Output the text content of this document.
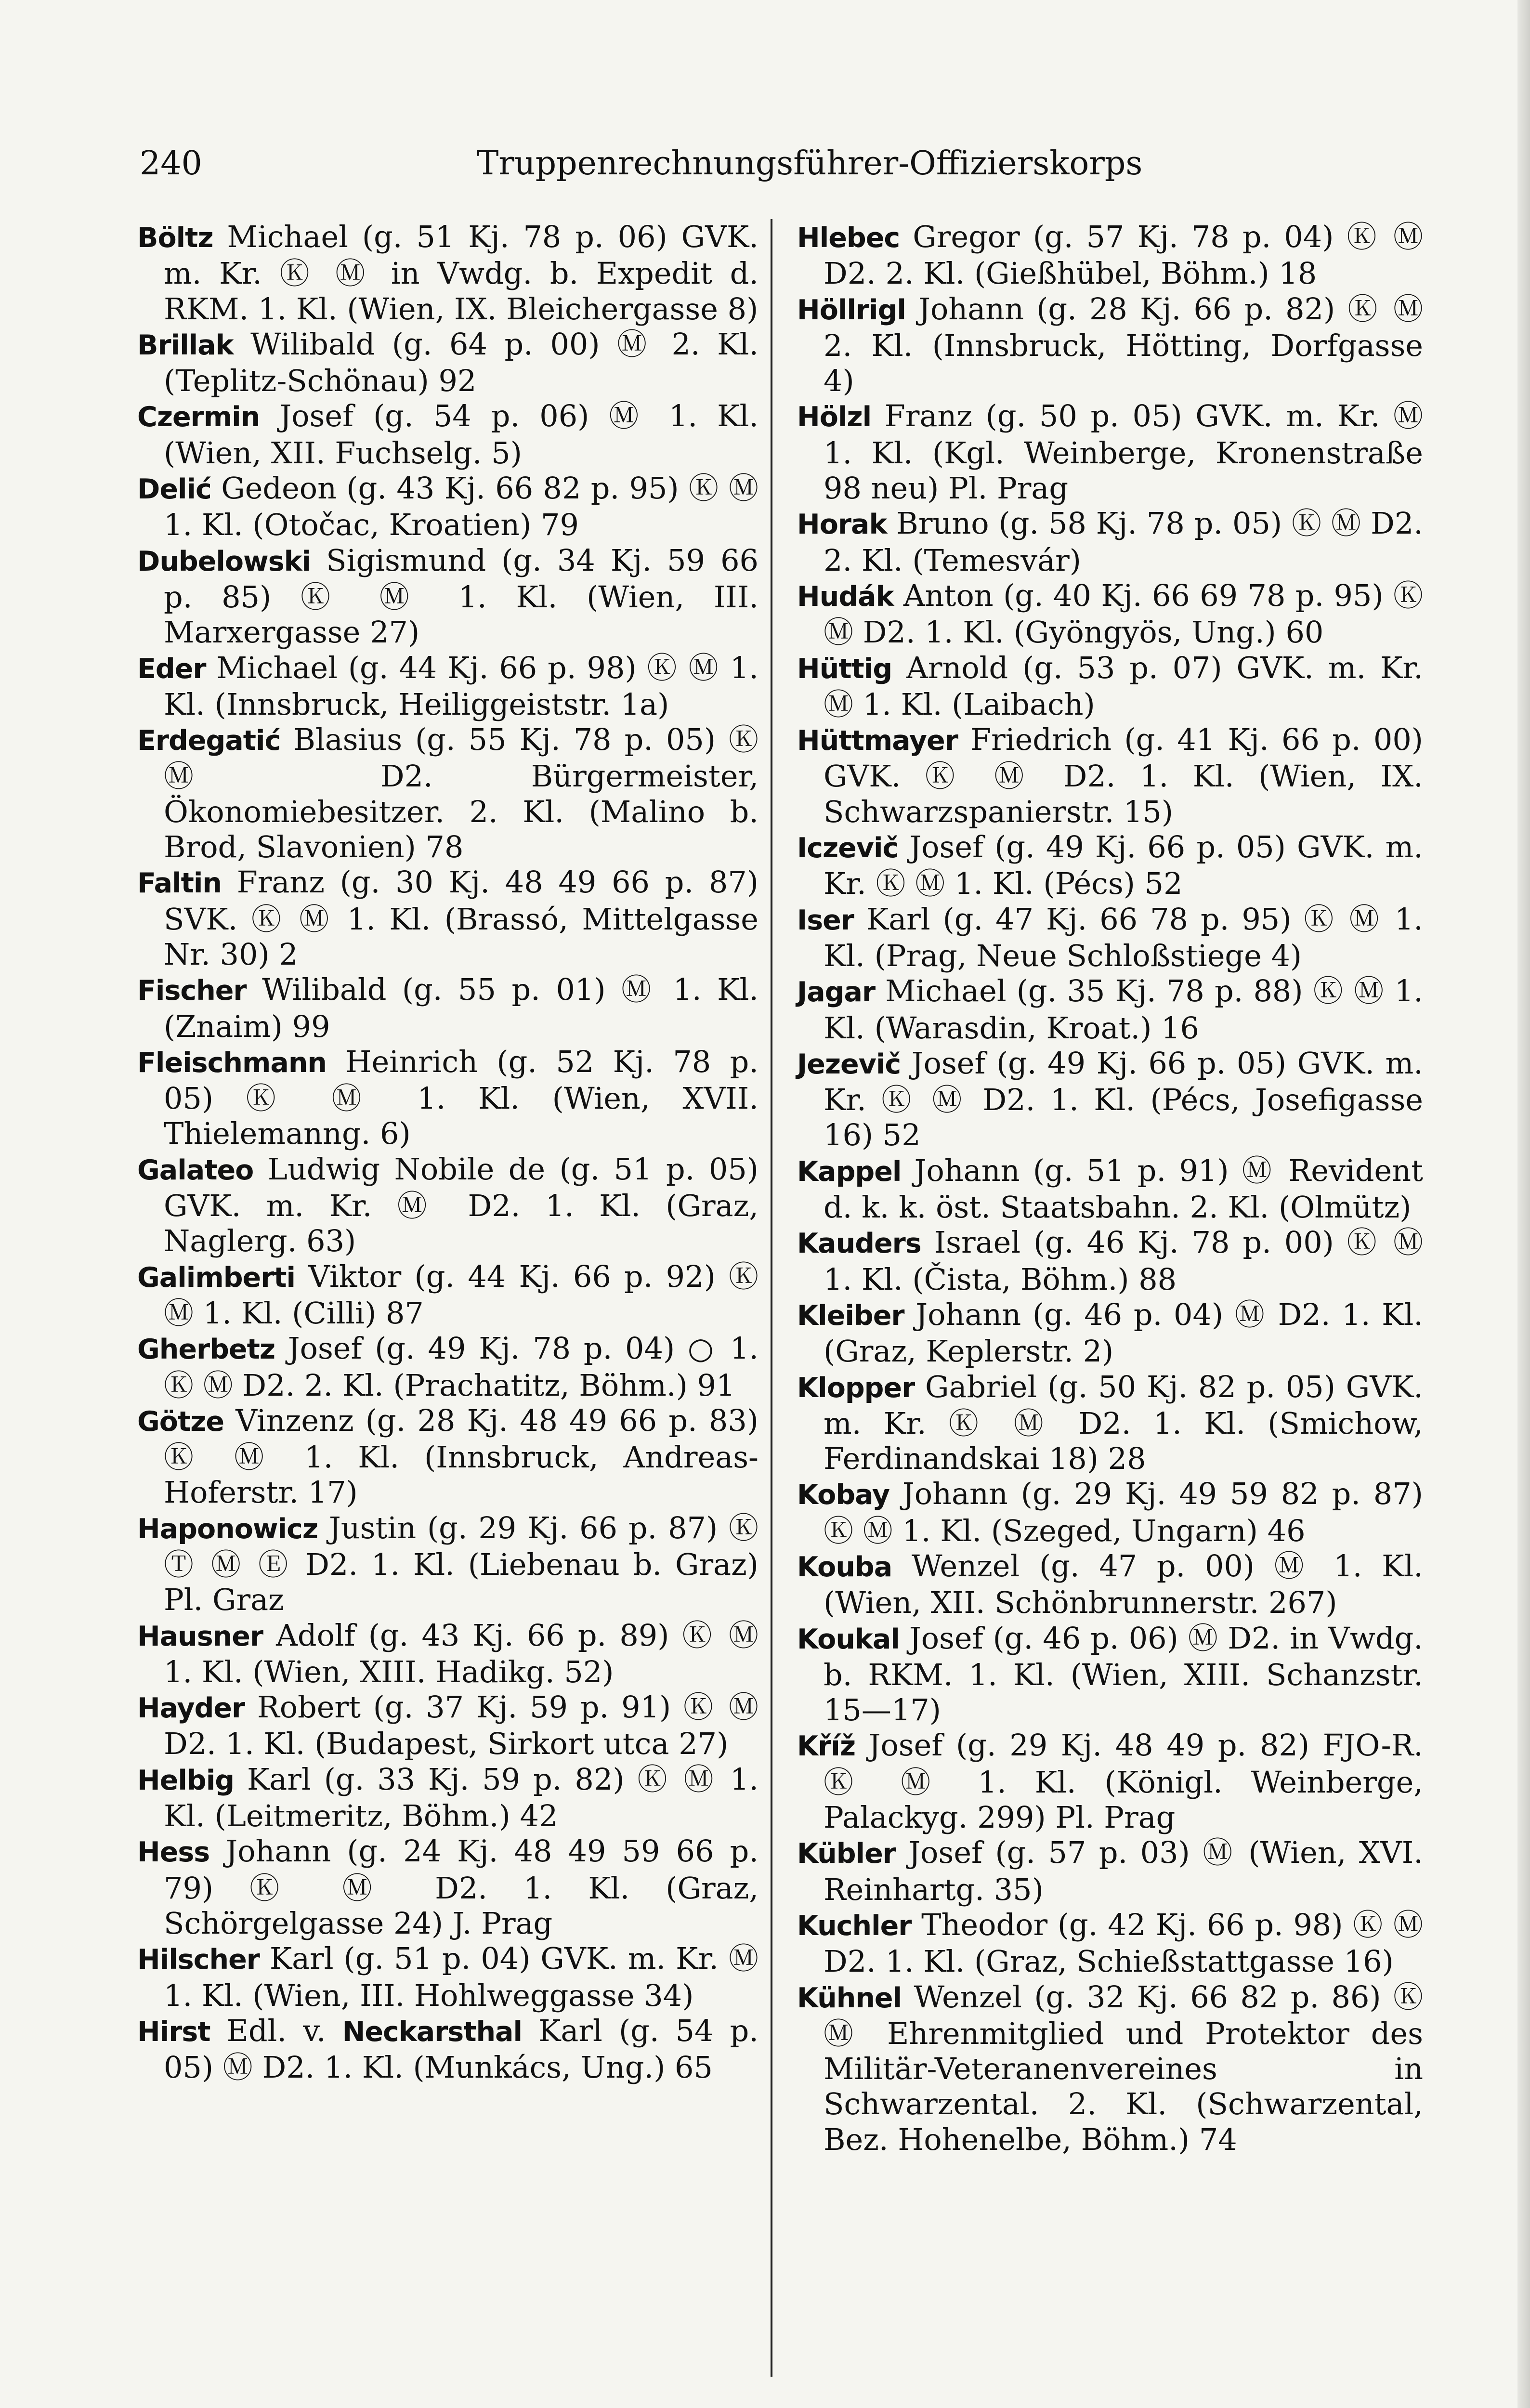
240	Truppenrechnungsführer-Offizierskorps

Böltz Michael (g. 51 Kj. 78 p. 06) GVK. m. Kr. Ⓚ Ⓜ in Vwdg. b. Expedit d. RKM. 1. Kl. (Wien, IX. Bleichergasse 8)

Brillak Wilibald (g. 64 p. 00) Ⓜ 2. Kl. (Teplitz-Schönau) 92

Czermin Josef (g. 54 p. 06) Ⓜ 1. Kl. (Wien, XII. Fuchselg. 5)

Delić Gedeon (g. 43 Kj. 66 82 p. 95) Ⓚ Ⓜ 1. Kl. (Otočac, Kroatien) 79

Dubelowski Sigismund (g. 34 Kj. 59 66 p. 85) Ⓚ Ⓜ 1. Kl. (Wien, III. Marxergasse 27)

Eder Michael (g. 44 Kj. 66 p. 98) Ⓚ Ⓜ 1. Kl. (Innsbruck, Heiliggeiststr. 1a)

Erdegatić Blasius (g. 55 Kj. 78 p. 05) Ⓚ Ⓜ D2. Bürgermeister, Ökonomiebesitzer. 2. Kl. (Malino b. Brod, Slavonien) 78

Faltin Franz (g. 30 Kj. 48 49 66 p. 87) SVK. Ⓚ Ⓜ 1. Kl. (Brassó, Mittelgasse Nr. 30) 2

Fischer Wilibald (g. 55 p. 01) Ⓜ 1. Kl. (Znaim) 99

Fleischmann Heinrich (g. 52 Kj. 78 p. 05) Ⓚ Ⓜ 1. Kl. (Wien, XVII. Thielemanng. 6)

Galateo Ludwig Nobile de (g. 51 p. 05) GVK. m. Kr. Ⓜ D2. 1. Kl. (Graz, Naglerg. 63)

Galimberti Viktor (g. 44 Kj. 66 p. 92) Ⓚ Ⓜ 1. Kl. (Cilli) 87

Gherbetz Josef (g. 49 Kj. 78 p. 04) ○ 1. Ⓚ Ⓜ D2. 2. Kl. (Prachatitz, Böhm.) 91

Götze Vinzenz (g. 28 Kj. 48 49 66 p. 83) Ⓚ Ⓜ 1. Kl. (Innsbruck, Andreas-Hoferstr. 17)

Haponowicz Justin (g. 29 Kj. 66 p. 87) Ⓚ Ⓣ Ⓜ Ⓔ D2. 1. Kl. (Liebenau b. Graz) Pl. Graz

Hausner Adolf (g. 43 Kj. 66 p. 89) Ⓚ Ⓜ 1. Kl. (Wien, XIII. Hadikg. 52)

Hayder Robert (g. 37 Kj. 59 p. 91) Ⓚ Ⓜ D2. 1. Kl. (Budapest, Sirkort utca 27)

Helbig Karl (g. 33 Kj. 59 p. 82) Ⓚ Ⓜ 1. Kl. (Leitmeritz, Böhm.) 42

Hess Johann (g. 24 Kj. 48 49 59 66 p. 79) Ⓚ Ⓜ D2. 1. Kl. (Graz, Schörgelgasse 24) J. Prag

Hilscher Karl (g. 51 p. 04) GVK. m. Kr. Ⓜ 1. Kl. (Wien, III. Hohlweggasse 34)

Hirst Edl. v. Neckarsthal Karl (g. 54 p. 05) Ⓜ D2. 1. Kl. (Munkács, Ung.) 65

Hlebec Gregor (g. 57 Kj. 78 p. 04) Ⓚ Ⓜ D2. 2. Kl. (Gießhübel, Böhm.) 18

Höllrigl Johann (g. 28 Kj. 66 p. 82) Ⓚ Ⓜ 2. Kl. (Innsbruck, Hötting, Dorfgasse 4)

Hölzl Franz (g. 50 p. 05) GVK. m. Kr. Ⓜ 1. Kl. (Kgl. Weinberge, Kronenstraße 98 neu) Pl. Prag

Horak Bruno (g. 58 Kj. 78 p. 05) Ⓚ Ⓜ D2. 2. Kl. (Temesvár)

Hudák Anton (g. 40 Kj. 66 69 78 p. 95) Ⓚ Ⓜ D2. 1. Kl. (Gyöngyös, Ung.) 60

Hüttig Arnold (g. 53 p. 07) GVK. m. Kr. Ⓜ 1. Kl. (Laibach)

Hüttmayer Friedrich (g. 41 Kj. 66 p. 00) GVK. Ⓚ Ⓜ D2. 1. Kl. (Wien, IX. Schwarzspanierstr. 15)

Iczevič Josef (g. 49 Kj. 66 p. 05) GVK. m. Kr. Ⓚ Ⓜ 1. Kl. (Pécs) 52

Iser Karl (g. 47 Kj. 66 78 p. 95) Ⓚ Ⓜ 1. Kl. (Prag, Neue Schloßstiege 4)

Jagar Michael (g. 35 Kj. 78 p. 88) Ⓚ Ⓜ 1. Kl. (Warasdin, Kroat.) 16

Jezevič Josef (g. 49 Kj. 66 p. 05) GVK. m. Kr. Ⓚ Ⓜ D2. 1. Kl. (Pécs, Josefigasse 16) 52

Kappel Johann (g. 51 p. 91) Ⓜ Revident d. k. k. öst. Staatsbahn. 2. Kl. (Olmütz)

Kauders Israel (g. 46 Kj. 78 p. 00) Ⓚ Ⓜ 1. Kl. (Čista, Böhm.) 88

Kleiber Johann (g. 46 p. 04) Ⓜ D2. 1. Kl. (Graz, Keplerstr. 2)

Klopper Gabriel (g. 50 Kj. 82 p. 05) GVK. m. Kr. Ⓚ Ⓜ D2. 1. Kl. (Smichow, Ferdinandskai 18) 28

Kobay Johann (g. 29 Kj. 49 59 82 p. 87) Ⓚ Ⓜ 1. Kl. (Szeged, Ungarn) 46

Kouba Wenzel (g. 47 p. 00) Ⓜ 1. Kl. (Wien, XII. Schönbrunnerstr. 267)

Koukal Josef (g. 46 p. 06) Ⓜ D2. in Vwdg. b. RKM. 1. Kl. (Wien, XIII. Schanzstr. 15—17)

Kříž Josef (g. 29 Kj. 48 49 p. 82) FJO-R. Ⓚ Ⓜ 1. Kl. (Königl. Weinberge, Palackyg. 299) Pl. Prag

Kübler Josef (g. 57 p. 03) Ⓜ (Wien, XVI. Reinhartg. 35)

Kuchler Theodor (g. 42 Kj. 66 p. 98) Ⓚ Ⓜ D2. 1. Kl. (Graz, Schießstattgasse 16)

Kühnel Wenzel (g. 32 Kj. 66 82 p. 86) Ⓚ Ⓜ Ehrenmitglied und Protektor des Militär-Veteranenvereines in Schwarzental. 2. Kl. (Schwarzental, Bez. Hohenelbe, Böhm.) 74
